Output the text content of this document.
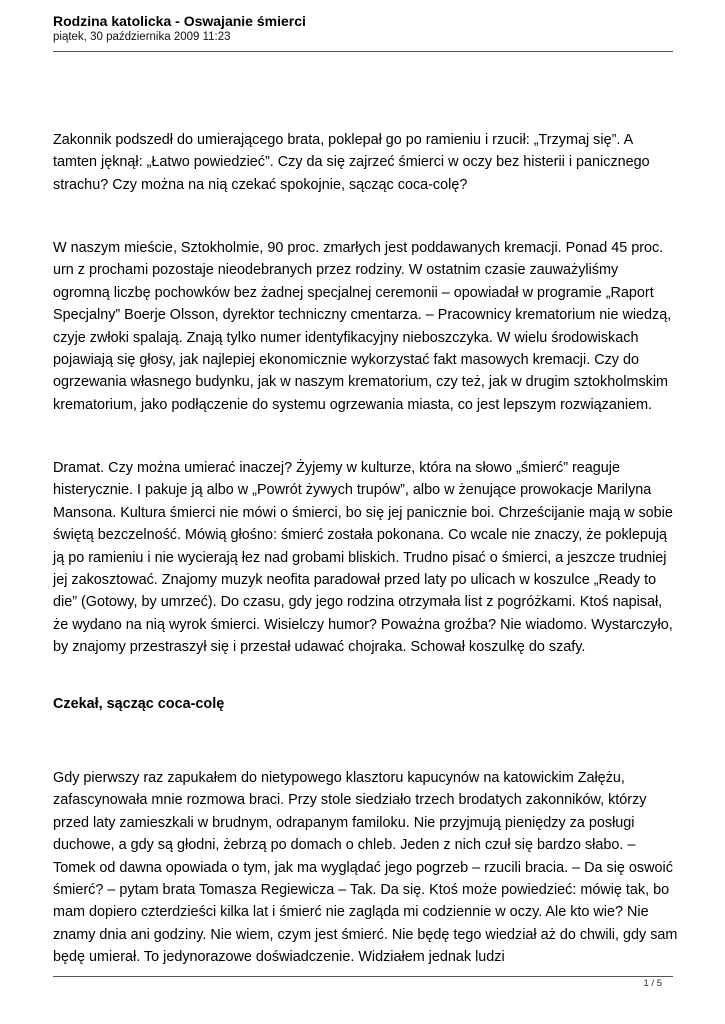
Rodzina katolicka - Oswajanie śmierci

piątek, 30 października 2009 11:23

Zakonnik podszedł do umierającego brata, poklepał go po ramieniu i rzucił: „Trzymaj się”. A tamten jęknął: „Łatwo powiedzieć”. Czy da się zajrzeć śmierci w oczy bez histerii i panicznego strachu? Czy można na nią czekać spokojnie, sącząc coca-colę?

W naszym mieście, Sztokholmie, 90 proc. zmarłych jest poddawanych kremacji. Ponad 45 proc. urn z prochami pozostaje nieodebranych przez rodziny. W ostatnim czasie zauważyliśmy ogromną liczbę pochowków bez żadnej specjalnej ceremonii – opowiadał w programie „Raport Specjalny” Boerje Olsson, dyrektor techniczny cmentarza. – Pracownicy krematorium nie wiedzą, czyje zwłoki spalają. Znają tylko numer identyfikacyjny nieboszczyka. W wielu środowiskach pojawiają się głosy, jak najlepiej ekonomicznie wykorzystać fakt masowych kremacji. Czy do ogrzewania własnego budynku, jak w naszym krematorium, czy też, jak w drugim sztokholmskim krematorium, jako podłączenie do systemu ogrzewania miasta, co jest lepszym rozwiązaniem.

Dramat. Czy można umierać inaczej? Żyjemy w kulturze, która na słowo „śmierć” reaguje histerycznie. I pakuje ją albo w „Powrót żywych trupów”, albo w żenujące prowokacje Marilyna Mansona. Kultura śmierci nie mówi o śmierci, bo się jej panicznie boi. Chrześcijanie mają w sobie świętą bezczelność. Mówią głośno: śmierć została pokonana. Co wcale nie znaczy, że poklepują ją po ramieniu i nie wycierają łez nad grobami bliskich. Trudno pisać o śmierci, a jeszcze trudniej jej zakosztować. Znajomy muzyk neofita paradował przed laty po ulicach w koszulce „Ready to die” (Gotowy, by umrzeć). Do czasu, gdy jego rodzina otrzymała list z pogróżkami. Ktoś napisał, że wydano na nią wyrok śmierci. Wisielczy humor? Poważna groźba? Nie wiadomo. Wystarczyło, by znajomy przestraszył się i przestał udawać chojraka. Schował koszulkę do szafy.

Czekał, sącząc coca-colę

Gdy pierwszy raz zapukałem do nietypowego klasztoru kapucynów na katowickim Załężu, zafascynowała mnie rozmowa braci. Przy stole siedziało trzech brodatych zakonników, którzy przed laty zamieszkali w brudnym, odrapanym familoku. Nie przyjmują pieniędzy za posługi duchowe, a gdy są głodni, żebrzą po domach o chleb. Jeden z nich czuł się bardzo słabo. – Tomek od dawna opowiada o tym, jak ma wyglądać jego pogrzeb – rzucili bracia. – Da się oswoić śmierć? – pytam brata Tomasza Regiewicza – Tak. Da się. Ktoś może powiedzieć: mówię tak, bo mam dopiero czterdzieści kilka lat i śmierć nie zagląda mi codziennie w oczy. Ale kto wie? Nie znamy dnia ani godziny. Nie wiem, czym jest śmierć. Nie będę tego wiedział aż do chwili, gdy sam będę umierał. To jedynorazowe doświadczenie. Widziałem jednak ludzi

1 / 5
